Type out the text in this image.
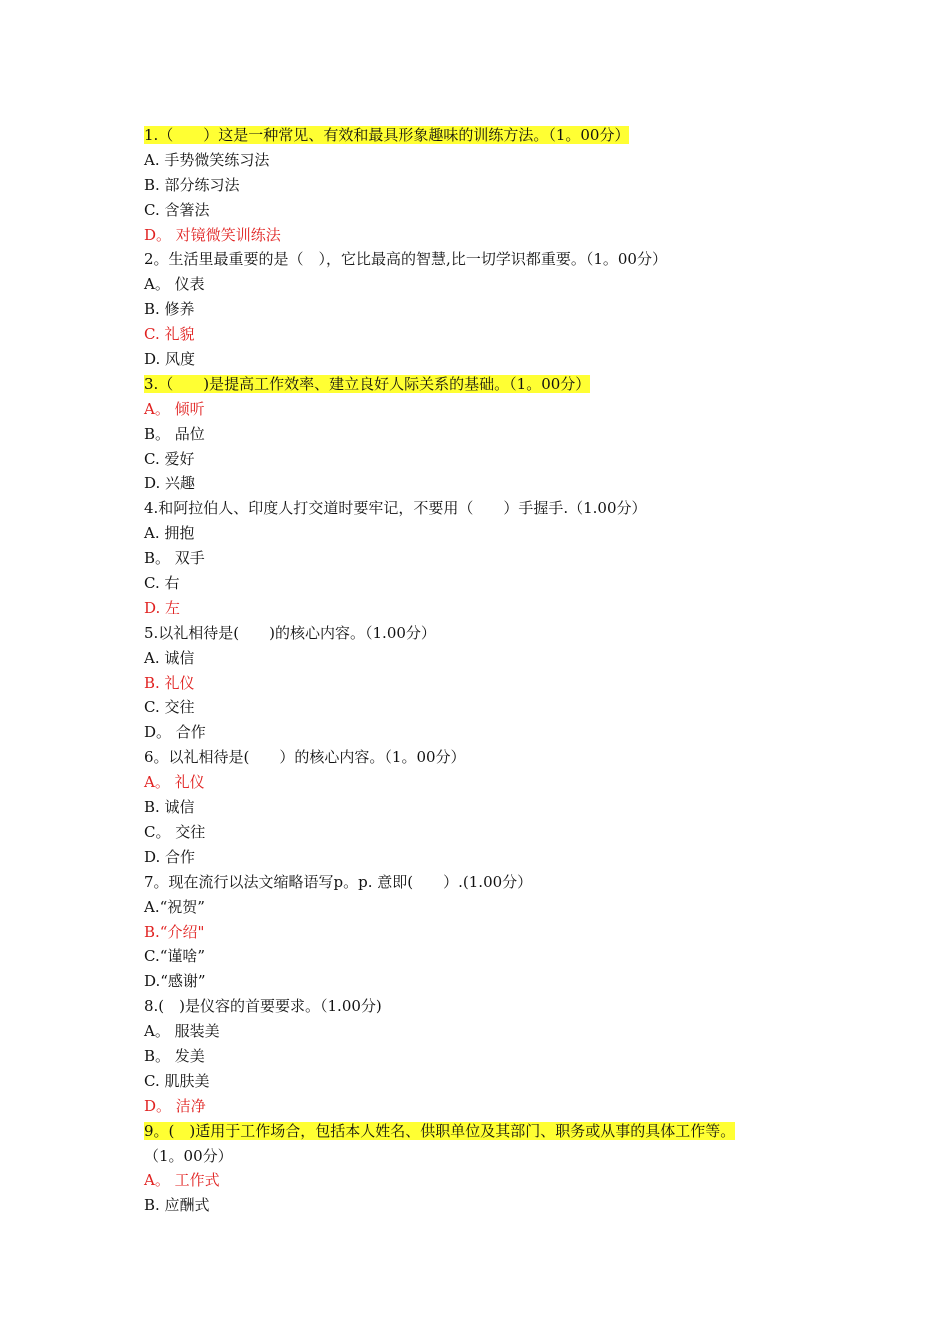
1.（　　）这是一种常见、有效和最具形象趣味的训练方法。（1。00分）
A. 手势微笑练习法
B. 部分练习法
C. 含箸法
D。 对镜微笑训练法
2。生活里最重要的是（　），它比最高的智慧,比一切学识都重要。（1。00分）
A。 仪表
B. 修养
C. 礼貌
D. 风度
3.（　　)是提高工作效率、建立良好人际关系的基础。（1。00分）
A。 倾听
B。 品位
C. 爱好
D. 兴趣
4.和阿拉伯人、印度人打交道时要牢记，不要用（　　）手握手.（1.00分）
A. 拥抱
B。 双手
C. 右
D. 左
5.以礼相待是(　　)的核心内容。（1.00分）
A. 诚信
B. 礼仪
C. 交往
D。 合作
6。以礼相待是(　　）的核心内容。（1。00分）
A。 礼仪
B. 诚信
C。 交往
D. 合作
7。现在流行以法文缩略语写p。p. 意即(　　）.(1.00分）
A.“祝贺”
B.“介绍"
C.“谨啥”
D.“感谢”
8.(　)是仪容的首要要求。（1.00分)
A。 服装美
B。 发美
C. 肌肤美
D。 洁净
9。(　)适用于工作场合，包括本人姓名、供职单位及其部门、职务或从事的具体工作等。
（1。00分）
A。 工作式
B. 应酬式
